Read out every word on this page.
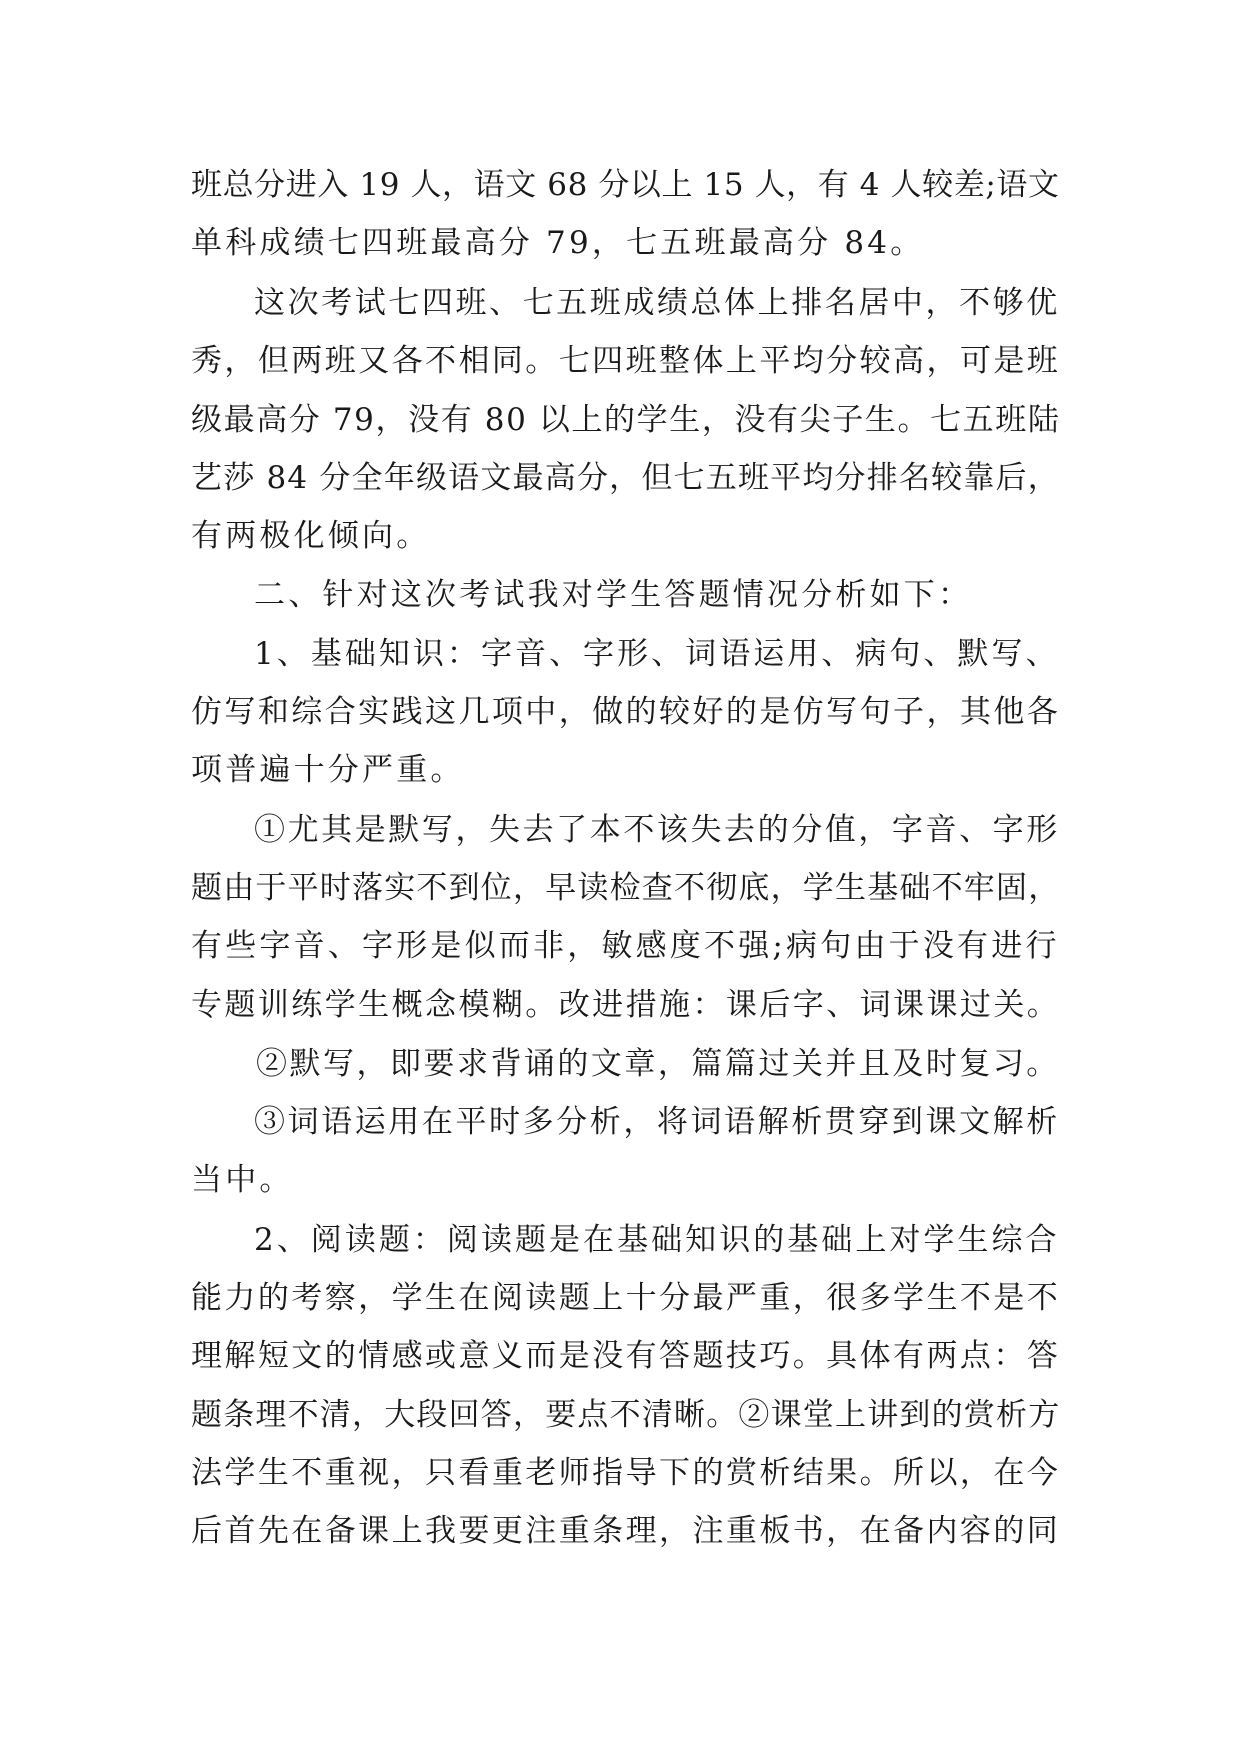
班总分进入 19 人，语文 68 分以上 15 人，有 4 人较差;语文
单科成绩七四班最高分 79，七五班最高分 84。
这次考试七四班、七五班成绩总体上排名居中，不够优
秀，但两班又各不相同。七四班整体上平均分较高，可是班
级最高分 79，没有 80 以上的学生，没有尖子生。七五班陆
艺莎 84 分全年级语文最高分，但七五班平均分排名较靠后，
有两极化倾向。
二、针对这次考试我对学生答题情况分析如下：
1、基础知识：字音、字形、词语运用、病句、默写、
仿写和综合实践这几项中，做的较好的是仿写句子，其他各
项普遍十分严重。
①尤其是默写，失去了本不该失去的分值，字音、字形
题由于平时落实不到位，早读检查不彻底，学生基础不牢固，
有些字音、字形是似而非，敏感度不强;病句由于没有进行
专题训练学生概念模糊。改进措施：课后字、词课课过关。
②默写，即要求背诵的文章，篇篇过关并且及时复习。
③词语运用在平时多分析，将词语解析贯穿到课文解析
当中。
2、阅读题：阅读题是在基础知识的基础上对学生综合
能力的考察，学生在阅读题上十分最严重，很多学生不是不
理解短文的情感或意义而是没有答题技巧。具体有两点：答
题条理不清，大段回答，要点不清晰。②课堂上讲到的赏析方
法学生不重视，只看重老师指导下的赏析结果。所以，在今
后首先在备课上我要更注重条理，注重板书，在备内容的同
